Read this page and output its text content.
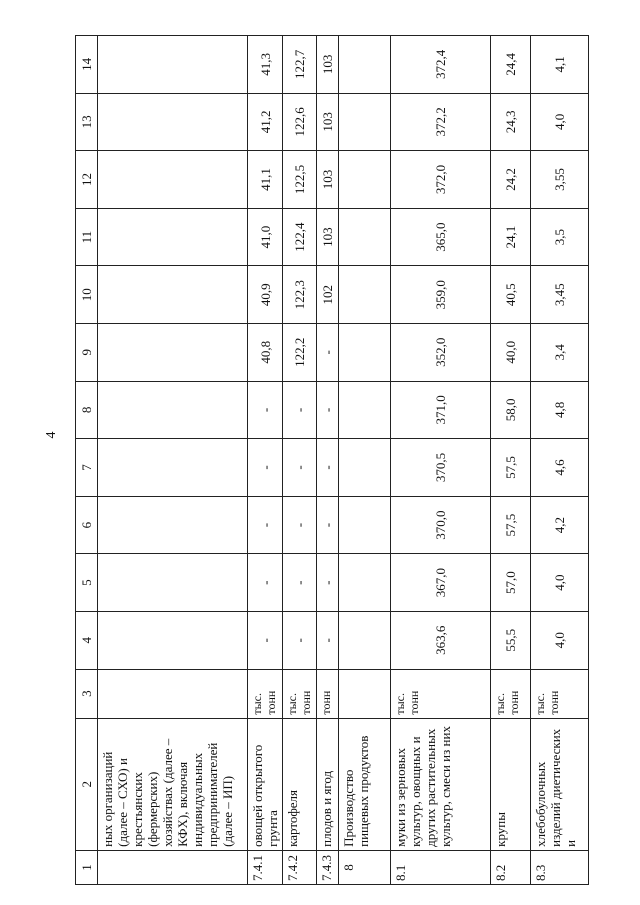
4
1	2	3	4	5	6	7	8	9	10	11	12	13	14
	ных организаций (далее – СХО) и крестьянских (фермерских) хозяйствах (далее – КФХ), включая индивидуальных предпринимателей (далее – ИП)												
7.4.1	овощей открытого грунта	тыс. тонн	-	-	-	-	-	40,8	40,9	41,0	41,1	41,2	41,3
7.4.2	картофеля	тыс. тонн	-	-	-	-	-	122,2	122,3	122,4	122,5	122,6	122,7
7.4.3	плодов и ягод	тонн	-	-	-	-	-	-	102	103	103	103	103

8	Производство пищевых продуктов												
8.1	муки из зерновых культур, овощных и других растительных культур, смеси из них	тыс. тонн	363,6	367,0	370,0	370,5	371,0	352,0	359,0	365,0	372,0	372,2	372,4
8.2	крупы	тыс. тонн	55,5	57,0	57,5	57,5	58,0	40,0	40,5	24,1	24,2	24,3	24,4
8.3	хлебобулочных изделий диетических и	тыс. тонн	4,0	4,0	4,2	4,6	4,8	3,4	3,45	3,5	3,55	4,0	4,1
